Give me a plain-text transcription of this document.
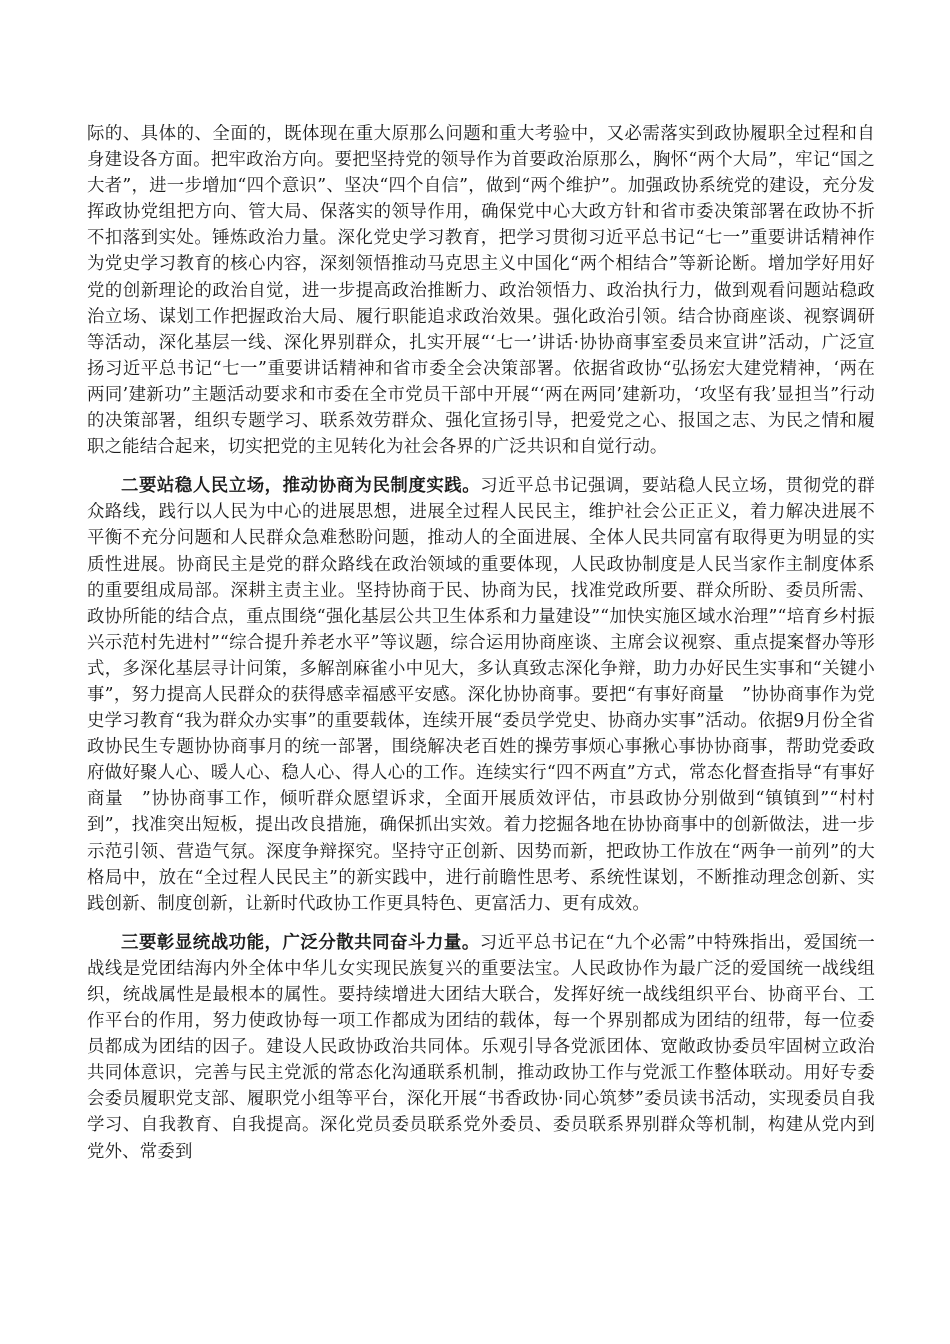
际的、具体的、全面的，既体现在重大原那么问题和重大考验中，又必需落实到政协履职全过程和自身建设各方面。把牢政治方向。要把坚持党的领导作为首要政治原那么，胸怀“两个大局”，牢记“国之大者”，进一步增加“四个意识”、坚决“四个自信”，做到“两个维护”。加强政协系统党的建设，充分发挥政协党组把方向、管大局、保落实的领导作用，确保党中心大政方针和省市委决策部署在政协不折不扣落到实处。锤炼政治力量。深化党史学习教育，把学习贯彻习近平总书记“七一”重要讲话精神作为党史学习教育的核心内容，深刻领悟推动马克思主义中国化“两个相结合”等新论断。增加学好用好党的创新理论的政治自觉，进一步提高政治推断力、政治领悟力、政治执行力，做到观看问题站稳政治立场、谋划工作把握政治大局、履行职能追求政治效果。强化政治引领。结合协商座谈、视察调研等活动，深化基层一线、深化界别群众，扎实开展“‘七一’讲话·协协商事室委员来宣讲”活动，广泛宣扬习近平总书记“七一”重要讲话精神和省市委全会决策部署。依据省政协“弘扬宏大建党精神，‘两在两同’建新功”主题活动要求和市委在全市党员干部中开展“‘两在两同’建新功，‘攻坚有我’显担当”行动的决策部署，组织专题学习、联系效劳群众、强化宣扬引导，把爱党之心、报国之志、为民之情和履职之能结合起来，切实把党的主见转化为社会各界的广泛共识和自觉行动。

二要站稳人民立场，推动协商为民制度实践。习近平总书记强调，要站稳人民立场，贯彻党的群众路线，践行以人民为中心的进展思想，进展全过程人民民主，维护社会公正正义，着力解决进展不平衡不充分问题和人民群众急难愁盼问题，推动人的全面进展、全体人民共同富有取得更为明显的实质性进展。协商民主是党的群众路线在政治领域的重要体现，人民政协制度是人民当家作主制度体系的重要组成局部。深耕主责主业。坚持协商于民、协商为民，找准党政所要、群众所盼、委员所需、政协所能的结合点，重点围绕“强化基层公共卫生体系和力量建设”“加快实施区域水治理”“培育乡村振兴示范村先进村”“综合提升养老水平”等议题，综合运用协商座谈、主席会议视察、重点提案督办等形式，多深化基层寻计问策，多解剖麻雀小中见大，多认真致志深化争辩，助力办好民生实事和“关键小事”，努力提高人民群众的获得感幸福感平安感。深化协协商事。要把“有事好商量　”协协商事作为党史学习教育“我为群众办实事”的重要载体，连续开展“委员学党史、协商办实事”活动。依据9月份全省政协民生专题协协商事月的统一部署，围绕解决老百姓的操劳事烦心事揪心事协协商事，帮助党委政府做好聚人心、暖人心、稳人心、得人心的工作。连续实行“四不两直”方式，常态化督查指导“有事好商量　”协协商事工作，倾听群众愿望诉求，全面开展质效评估，市县政协分别做到“镇镇到”“村村到”，找准突出短板，提出改良措施，确保抓出实效。着力挖掘各地在协协商事中的创新做法，进一步示范引领、营造气氛。深度争辩探究。坚持守正创新、因势而新，把政协工作放在“两争一前列”的大格局中，放在“全过程人民民主”的新实践中，进行前瞻性思考、系统性谋划，不断推动理念创新、实践创新、制度创新，让新时代政协工作更具特色、更富活力、更有成效。

三要彰显统战功能，广泛分散共同奋斗力量。习近平总书记在“九个必需”中特殊指出，爱国统一战线是党团结海内外全体中华儿女实现民族复兴的重要法宝。人民政协作为最广泛的爱国统一战线组织，统战属性是最根本的属性。要持续增进大团结大联合，发挥好统一战线组织平台、协商平台、工作平台的作用，努力使政协每一项工作都成为团结的载体，每一个界别都成为团结的纽带，每一位委员都成为团结的因子。建设人民政协政治共同体。乐观引导各党派团体、宽敞政协委员牢固树立政治共同体意识，完善与民主党派的常态化沟通联系机制，推动政协工作与党派工作整体联动。用好专委会委员履职党支部、履职党小组等平台，深化开展“书香政协·同心筑梦”委员读书活动，实现委员自我学习、自我教育、自我提高。深化党员委员联系党外委员、委员联系界别群众等机制，构建从党内到党外、常委到
